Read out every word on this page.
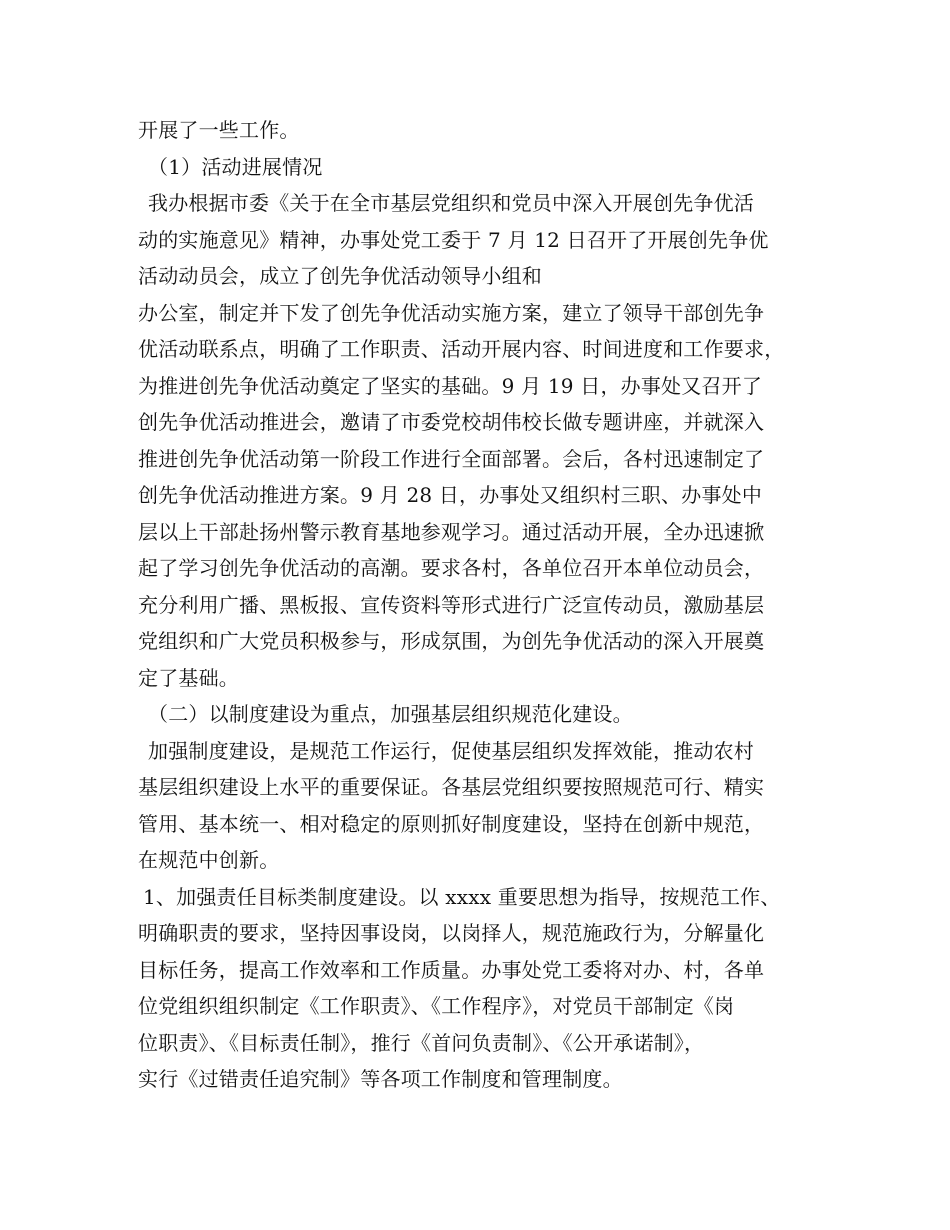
开展了一些工作。
（1）活动进展情况
我办根据市委《关于在全市基层党组织和党员中深入开展创先争优活
动的实施意见》精神，办事处党工委于 7 月 12 日召开了开展创先争优
活动动员会，成立了创先争优活动领导小组和
办公室，制定并下发了创先争优活动实施方案，建立了领导干部创先争
优活动联系点，明确了工作职责、活动开展内容、时间进度和工作要求，
为推进创先争优活动奠定了坚实的基础。9 月 19 日，办事处又召开了
创先争优活动推进会，邀请了市委党校胡伟校长做专题讲座，并就深入
推进创先争优活动第一阶段工作进行全面部署。会后，各村迅速制定了
创先争优活动推进方案。9 月 28 日，办事处又组织村三职、办事处中
层以上干部赴扬州警示教育基地参观学习。通过活动开展，全办迅速掀
起了学习创先争优活动的高潮。要求各村，各单位召开本单位动员会，
充分利用广播、黑板报、宣传资料等形式进行广泛宣传动员，激励基层
党组织和广大党员积极参与，形成氛围，为创先争优活动的深入开展奠
定了基础。
（二）以制度建设为重点，加强基层组织规范化建设。
加强制度建设，是规范工作运行，促使基层组织发挥效能，推动农村
基层组织建设上水平的重要保证。各基层党组织要按照规范可行、精实
管用、基本统一、相对稳定的原则抓好制度建设，坚持在创新中规范，
在规范中创新。
1、加强责任目标类制度建设。以 xxxx 重要思想为指导，按规范工作、
明确职责的要求，坚持因事设岗，以岗择人，规范施政行为，分解量化
目标任务，提高工作效率和工作质量。办事处党工委将对办、村，各单
位党组织组织制定《工作职责》、《工作程序》，对党员干部制定《岗
位职责》、《目标责任制》，推行《首问负责制》、《公开承诺制》，
实行《过错责任追究制》等各项工作制度和管理制度。
